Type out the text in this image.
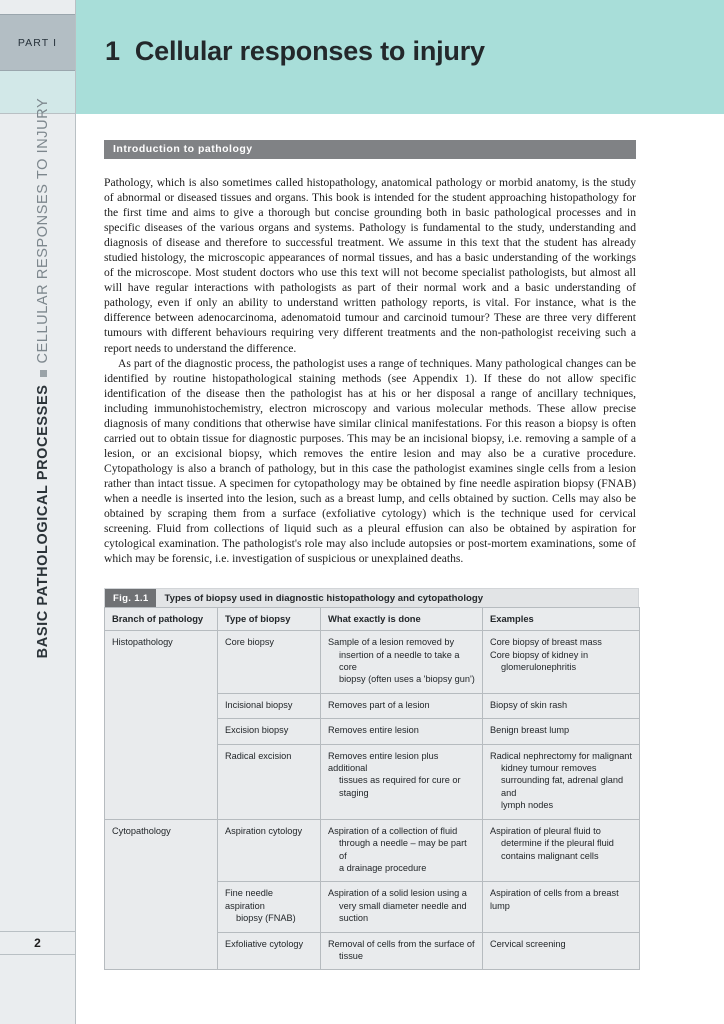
PART I
BASIC PATHOLOGICAL PROCESSES
CELLULAR RESPONSES TO INJURY
2
1 Cellular responses to injury
Introduction to pathology

Pathology, which is also sometimes called histopathology, anatomical pathology or morbid anatomy, is the study of abnormal or diseased tissues and organs. This book is intended for the student approaching histopathology for the first time and aims to give a thorough but concise grounding both in basic pathological processes and in specific diseases of the various organs and systems. Pathology is fundamental to the study, understanding and diagnosis of disease and therefore to successful treatment. We assume in this text that the student has already studied histology, the microscopic appearances of normal tissues, and has a basic understanding of the workings of the microscope. Most student doctors who use this text will not become specialist pathologists, but almost all will have regular interactions with pathologists as part of their normal work and a basic understanding of pathology, even if only an ability to understand written pathology reports, is vital. For instance, what is the difference between adenocarcinoma, adenomatoid tumour and carcinoid tumour? These are three very different tumours with different behaviours requiring very different treatments and the non-pathologist receiving such a report needs to understand the difference.

As part of the diagnostic process, the pathologist uses a range of techniques. Many pathological changes can be identified by routine histopathological staining methods (see Appendix 1). If these do not allow specific identification of the disease then the pathologist has at his or her disposal a range of ancillary techniques, including immunohistochemistry, electron microscopy and various molecular methods. These allow precise diagnosis of many conditions that otherwise have similar clinical manifestations. For this reason a biopsy is often carried out to obtain tissue for diagnostic purposes. This may be an incisional biopsy, i.e. removing a sample of a lesion, or an excisional biopsy, which removes the entire lesion and may also be a curative procedure. Cytopathology is also a branch of pathology, but in this case the pathologist examines single cells from a lesion rather than intact tissue. A specimen for cytopathology may be obtained by fine needle aspiration biopsy (FNAB) when a needle is inserted into the lesion, such as a breast lump, and cells obtained by suction. Cells may also be obtained by scraping them from a surface (exfoliative cytology) which is the technique used for cervical screening. Fluid from collections of liquid such as a pleural effusion can also be obtained by aspiration for cytological examination. The pathologist's role may also include autopsies or post-mortem examinations, some of which may be forensic, i.e. investigation of suspicious or unexplained deaths.

Fig. 1.1	Types of biopsy used in diagnostic histopathology and cytopathology
Branch of pathology	Type of biopsy	What exactly is done	Examples
Histopathology	Core biopsy	Sample of a lesion removed by
insertion of a needle to take a core
biopsy (often uses a 'biopsy gun')	Core biopsy of breast mass
Core biopsy of kidney in
glomerulonephritis

	Incisional biopsy	Removes part of a lesion	Biopsy of skin rash

	Excision biopsy	Removes entire lesion	Benign breast lump

	Radical excision	Removes entire lesion plus additional
tissues as required for cure or
staging	Radical nephrectomy for malignant
kidney tumour removes
surrounding fat, adrenal gland and
lymph nodes

Cytopathology	Aspiration cytology	Aspiration of a collection of fluid
through a needle – may be part of
a drainage procedure	Aspiration of pleural fluid to
determine if the pleural fluid
contains malignant cells

	Fine needle aspiration
biopsy (FNAB)	Aspiration of a solid lesion using a
very small diameter needle and
suction	Aspiration of cells from a breast
lump

	Exfoliative cytology	Removal of cells from the surface of
tissue	Cervical screening
